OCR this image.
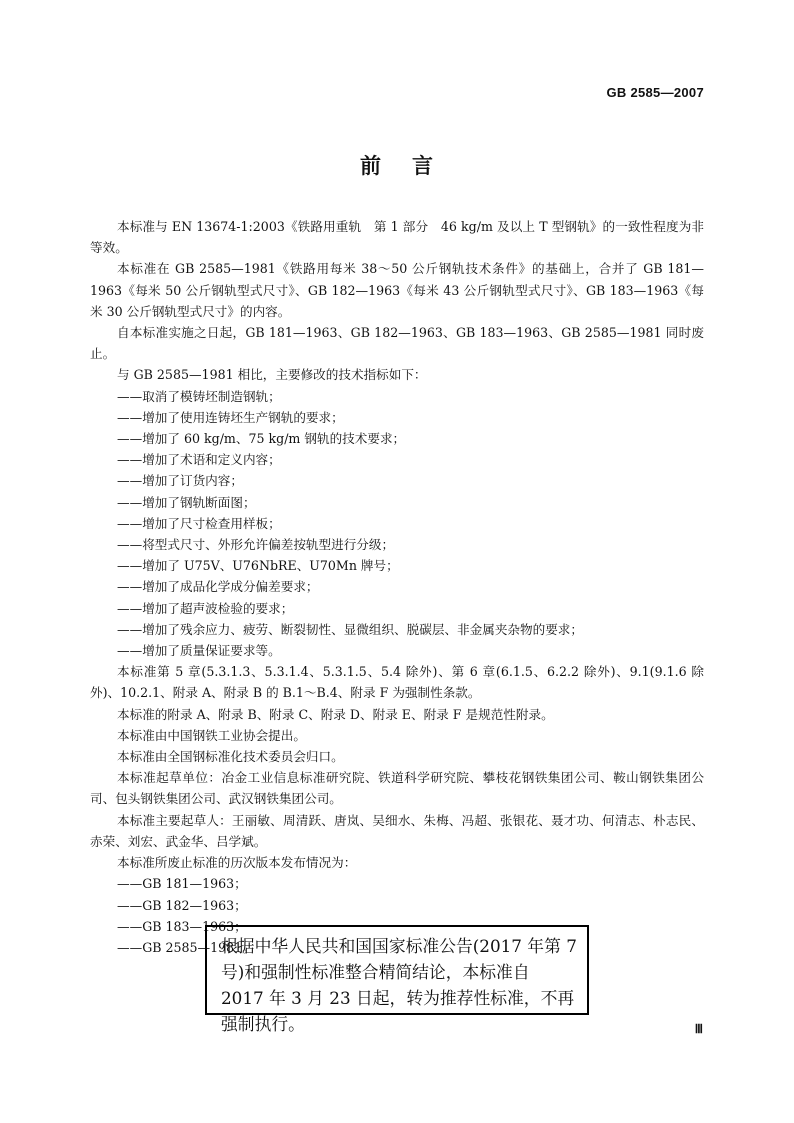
GB 2585—2007
前 言

本标准与 EN 13674-1:2003《铁路用重轨　第 1 部分　46 kg/m 及以上 T 型钢轨》的一致性程度为非等效。

本标准在 GB 2585—1981《铁路用每米 38～50 公斤钢轨技术条件》的基础上，合并了 GB 181—1963《每米 50 公斤钢轨型式尺寸》、GB 182—1963《每米 43 公斤钢轨型式尺寸》、GB 183—1963《每米 30 公斤钢轨型式尺寸》的内容。

自本标准实施之日起，GB 181—1963、GB 182—1963、GB 183—1963、GB 2585—1981 同时废止。

与 GB 2585—1981 相比，主要修改的技术指标如下：

——取消了模铸坯制造钢轨；

——增加了使用连铸坯生产钢轨的要求；

——增加了 60 kg/m、75 kg/m 钢轨的技术要求；

——增加了术语和定义内容；

——增加了订货内容；

——增加了钢轨断面图；

——增加了尺寸检查用样板；

——将型式尺寸、外形允许偏差按轨型进行分级；

——增加了 U75V、U76NbRE、U70Mn 牌号；

——增加了成品化学成分偏差要求；

——增加了超声波检验的要求；

——增加了残余应力、疲劳、断裂韧性、显微组织、脱碳层、非金属夹杂物的要求；

——增加了质量保证要求等。

本标准第 5 章(5.3.1.3、5.3.1.4、5.3.1.5、5.4 除外)、第 6 章(6.1.5、6.2.2 除外)、9.1(9.1.6 除外)、10.2.1、附录 A、附录 B 的 B.1～B.4、附录 F 为强制性条款。

本标准的附录 A、附录 B、附录 C、附录 D、附录 E、附录 F 是规范性附录。

本标准由中国钢铁工业协会提出。

本标准由全国钢标准化技术委员会归口。

本标准起草单位：冶金工业信息标准研究院、铁道科学研究院、攀枝花钢铁集团公司、鞍山钢铁集团公司、包头钢铁集团公司、武汉钢铁集团公司。

本标准主要起草人：王丽敏、周清跃、唐岚、吴细水、朱梅、冯超、张银花、聂才功、何清志、朴志民、赤荣、刘宏、武金华、吕学斌。

本标准所废止标准的历次版本发布情况为：

——GB 181—1963；

——GB 182—1963；

——GB 183—1963；

——GB 2585—1981。

根据中华人民共和国国家标准公告(2017 年第 7 号)和强制性标准整合精简结论，本标准自 2017 年 3 月 23 日起，转为推荐性标准，不再强制执行。	Ⅲ
